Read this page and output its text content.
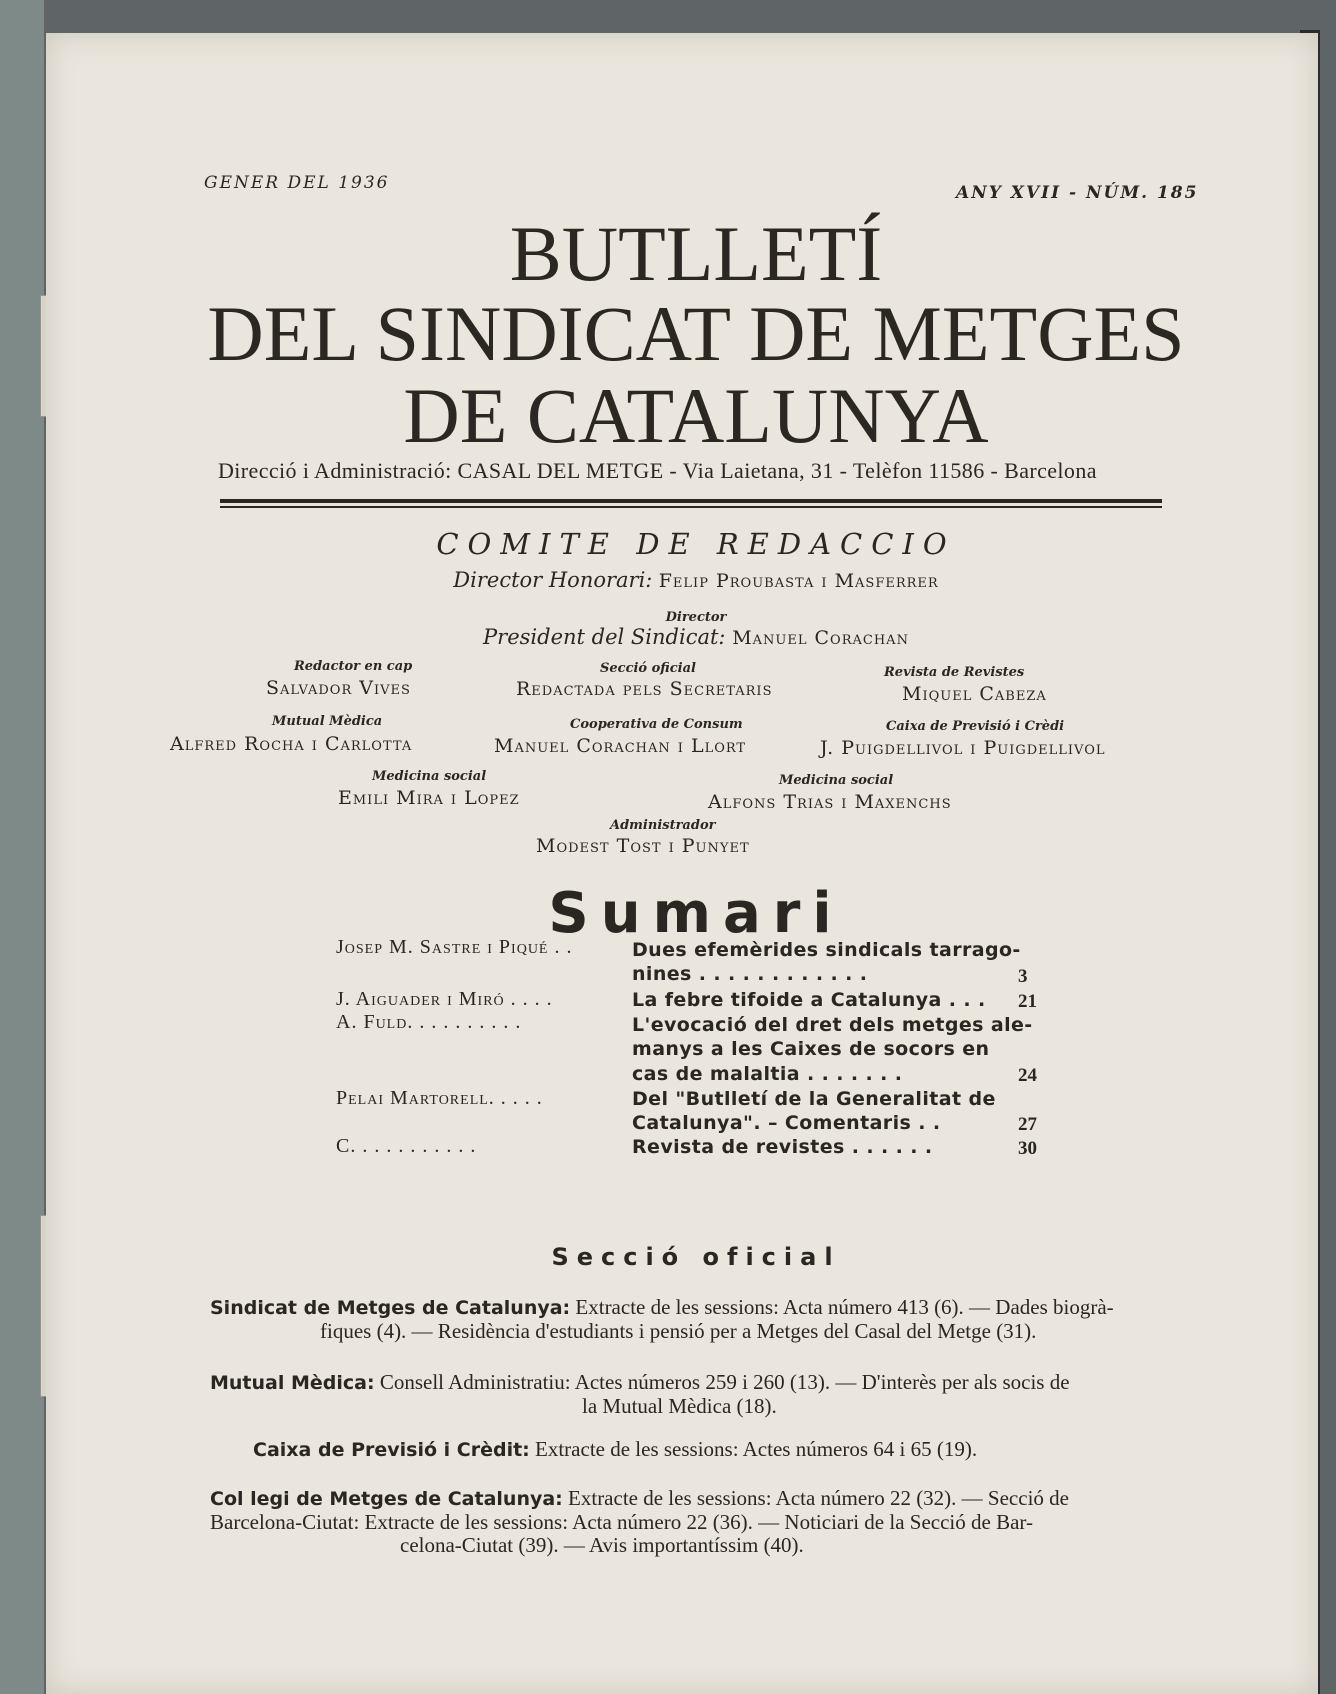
GENER DEL 1936	ANY XVII - NÚM. 185
BUTLLETÍ
DEL SINDICAT DE METGES
DE CATALUNYA
Direcció i Administració: CASAL DEL METGE - Via Laietana, 31 - Telèfon 11586 - Barcelona
COMITE DE REDACCIO
Director Honorari: Felip Proubasta i Masferrer
Director
President del Sindicat: Manuel Corachan
Redactor en cap
Salvador Vives
Secció oficial
Redactada pels Secretaris
Revista de Revistes
Miquel Cabeza
Mutual Mèdica
Alfred Rocha i Carlotta
Cooperativa de Consum
Manuel Corachan i Llort
Caixa de Previsió i Crèdi
J. Puigdellivol i Puigdellivol
Medicina social
Emili Mira i Lopez
Medicina social
Alfons Trias i Maxenchs
Administrador
Modest Tost i Punyet
Sumari
Josep M. Sastre i Piqué . .	Dues efemèrides sindicals tarrago-
nines . . . . . . . . . . . .	3
J. Aiguader i Miró . . . .	La febre tifoide a Catalunya . . . 21
A. Fuld. . . . . . . . . .	L'evocació del dret dels metges ale-
manys a les Caixes de socors en
cas de malaltia . . . . . . .	24
Pelai Martorell. . . . .	Del "Butlletí de la Generalitat de
Catalunya". – Comentaris . .	27
C. . . . . . . . . . .	Revista de revistes . . . . . .	30
Secció oficial
Sindicat de Metges de Catalunya: Extracte de les sessions: Acta número 413 (6). — Dades biogrà-
fiques (4). — Residència d'estudiants i pensió per a Metges del Casal del Metge (31).
Mutual Mèdica: Consell Administratiu: Actes números 259 i 260 (13). — D'interès per als socis de
la Mutual Mèdica (18).
Caixa de Previsió i Crèdit: Extracte de les sessions: Actes números 64 i 65 (19).
Col legi de Metges de Catalunya: Extracte de les sessions: Acta número 22 (32). — Secció de
Barcelona-Ciutat: Extracte de les sessions: Acta número 22 (36). — Noticiari de la Secció de Bar-
celona-Ciutat (39). — Avis importantíssim (40).
